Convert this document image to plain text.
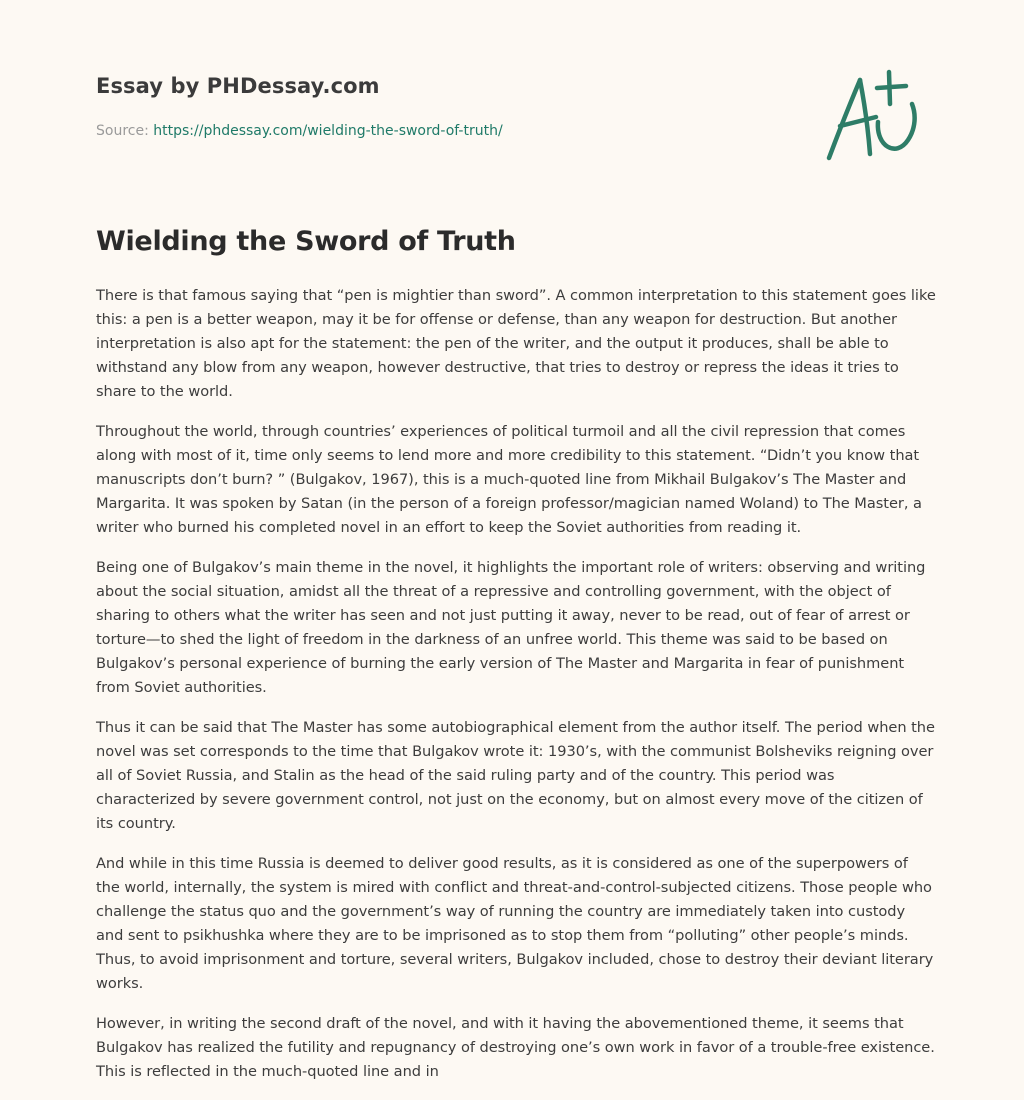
Essay by PHDessay.com
Source: https://phdessay.com/wielding-the-sword-of-truth/
Wielding the Sword of Truth

There is that famous saying that “pen is mightier than sword”. A common interpretation to this statement goes like this: a pen is a better weapon, may it be for offense or defense, than any weapon for destruction. But another interpretation is also apt for the statement: the pen of the writer, and the output it produces, shall be able to withstand any blow from any weapon, however destructive, that tries to destroy or repress the ideas it tries to share to the world.

Throughout the world, through countries’ experiences of political turmoil and all the civil repression that comes along with most of it, time only seems to lend more and more credibility to this statement. “Didn’t you know that manuscripts don’t burn? ” (Bulgakov, 1967), this is a much-quoted line from Mikhail Bulgakov’s The Master and Margarita. It was spoken by Satan (in the person of a foreign professor/magician named Woland) to The Master, a writer who burned his completed novel in an effort to keep the Soviet authorities from reading it.

Being one of Bulgakov’s main theme in the novel, it highlights the important role of writers: observing and writing about the social situation, amidst all the threat of a repressive and controlling government, with the object of sharing to others what the writer has seen and not just putting it away, never to be read, out of fear of arrest or torture—to shed the light of freedom in the darkness of an unfree world. This theme was said to be based on Bulgakov’s personal experience of burning the early version of The Master and Margarita in fear of punishment from Soviet authorities.

Thus it can be said that The Master has some autobiographical element from the author itself. The period when the novel was set corresponds to the time that Bulgakov wrote it: 1930’s, with the communist Bolsheviks reigning over all of Soviet Russia, and Stalin as the head of the said ruling party and of the country. This period was characterized by severe government control, not just on the economy, but on almost every move of the citizen of its country.

And while in this time Russia is deemed to deliver good results, as it is considered as one of the superpowers of the world, internally, the system is mired with conflict and threat-and-control-subjected citizens. Those people who challenge the status quo and the government’s way of running the country are immediately taken into custody and sent to psikhushka where they are to be imprisoned as to stop them from “polluting” other people’s minds. Thus, to avoid imprisonment and torture, several writers, Bulgakov included, chose to destroy their deviant literary works.

However, in writing the second draft of the novel, and with it having the abovementioned theme, it seems that Bulgakov has realized the futility and repugnancy of destroying one’s own work in favor of a trouble-free existence. This is reflected in the much-quoted line and in
